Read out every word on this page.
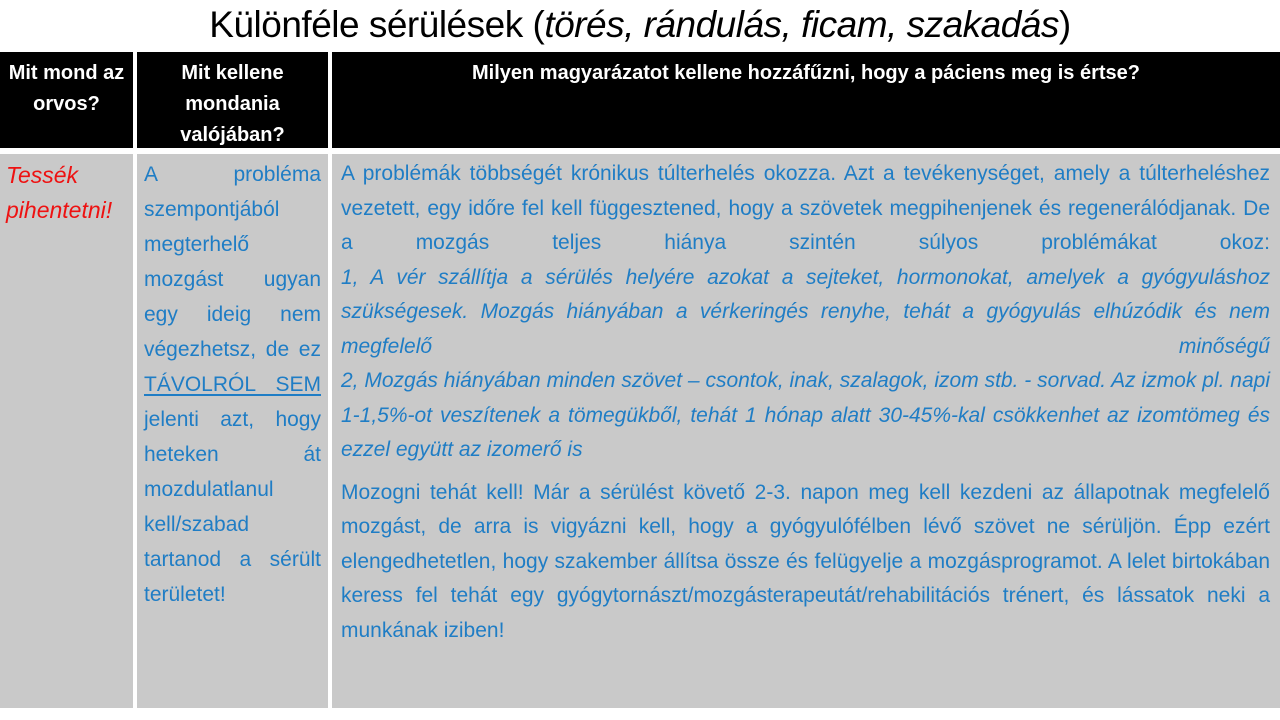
Különféle sérülések (törés, rándulás, ficam, szakadás)
Mit mond az orvos?
Mit kellene mondania valójában?
Milyen magyarázatot kellene hozzáfűzni, hogy a páciens meg is értse?
Tessék pihentetni!
A probléma szempontjából megterhelő mozgást ugyan egy ideig nem végezhetsz, de ez TÁVOLRÓL SEM jelenti azt, hogy heteken át mozdulatlanul kell/szabad tartanod a sérült területet!
A problémák többségét krónikus túlterhelés okozza. Azt a tevékenységet, amely a túlterheléshez vezetett, egy időre fel kell függesztened, hogy a szövetek megpihenjenek és regenerálódjanak. De a mozgás teljes hiánya szintén súlyos problémákat okoz:
1, A vér szállítja a sérülés helyére azokat a sejteket, hormonokat, amelyek a gyógyuláshoz szükségesek. Mozgás hiányában a vérkeringés renyhe, tehát a gyógyulás elhúzódik és nem megfelelő minőségű
2, Mozgás hiányában minden szövet – csontok, inak, szalagok, izom stb. - sorvad. Az izmok pl. napi 1-1,5%-ot veszítenek a tömegükből, tehát 1 hónap alatt 30-45%-kal csökkenhet az izomtömeg és ezzel együtt az izomerő is
Mozogni tehát kell! Már a sérülést követő 2-3. napon meg kell kezdeni az állapotnak megfelelő mozgást, de arra is vigyázni kell, hogy a gyógyulófélben lévő szövet ne sérüljön. Épp ezért elengedhetetlen, hogy szakember állítsa össze és felügyelje a mozgásprogramot. A lelet birtokában keress fel tehát egy gyógytornászt/mozgásterapeutát/rehabilitációs trénert, és lássatok neki a munkának iziben!
